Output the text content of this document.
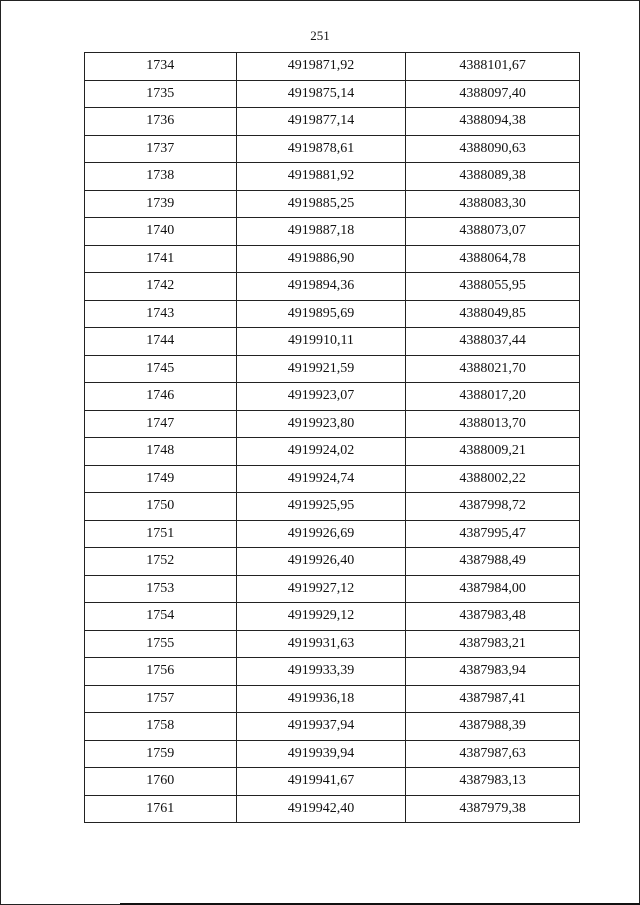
251
1734	4919871,92	4388101,67
1735	4919875,14	4388097,40
1736	4919877,14	4388094,38
1737	4919878,61	4388090,63
1738	4919881,92	4388089,38
1739	4919885,25	4388083,30
1740	4919887,18	4388073,07
1741	4919886,90	4388064,78
1742	4919894,36	4388055,95
1743	4919895,69	4388049,85
1744	4919910,11	4388037,44
1745	4919921,59	4388021,70
1746	4919923,07	4388017,20
1747	4919923,80	4388013,70
1748	4919924,02	4388009,21
1749	4919924,74	4388002,22
1750	4919925,95	4387998,72
1751	4919926,69	4387995,47
1752	4919926,40	4387988,49
1753	4919927,12	4387984,00
1754	4919929,12	4387983,48
1755	4919931,63	4387983,21
1756	4919933,39	4387983,94
1757	4919936,18	4387987,41
1758	4919937,94	4387988,39
1759	4919939,94	4387987,63
1760	4919941,67	4387983,13
1761	4919942,40	4387979,38
